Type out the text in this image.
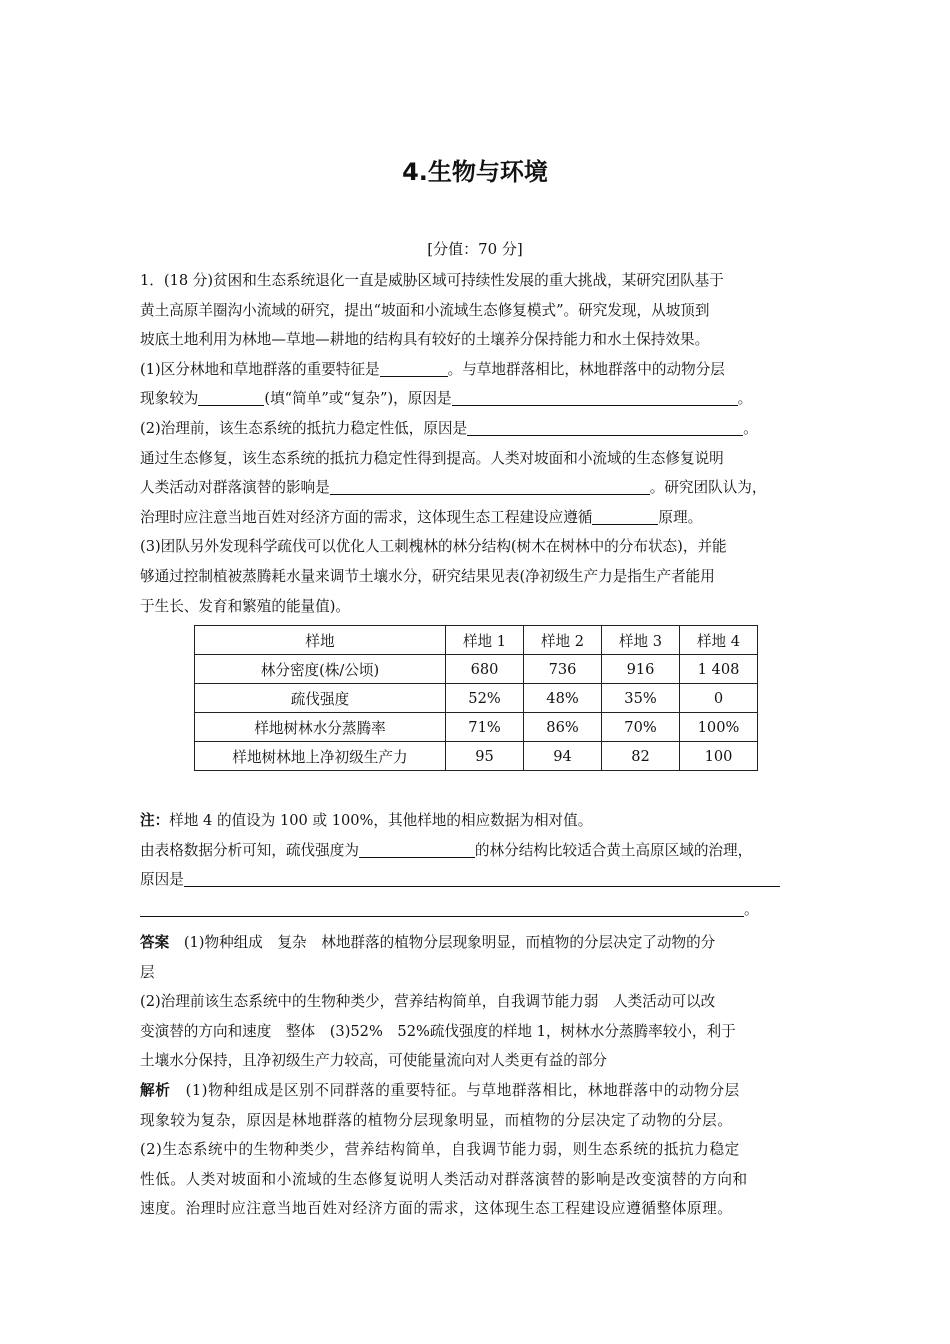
4.生物与环境
[分值：70 分]

1．(18 分)贫困和生态系统退化一直是威胁区域可持续性发展的重大挑战，某研究团队基于

黄土高原羊圈沟小流域的研究，提出“坡面和小流域生态修复模式”。研究发现，从坡顶到

坡底土地利用为林地—草地—耕地的结构具有较好的土壤养分保持能力和水土保持效果。

(1)区分林地和草地群落的重要特征是	。与草地群落相比，林地群落中的动物分层

现象较为	(填“简单”或“复杂”)，原因是	。

(2)治理前，该生态系统的抵抗力稳定性低，原因是	。

通过生态修复，该生态系统的抵抗力稳定性得到提高。人类对坡面和小流域的生态修复说明

人类活动对群落演替的影响是	。研究团队认为，

治理时应注意当地百姓对经济方面的需求，这体现生态工程建设应遵循	原理。

(3)团队另外发现科学疏伐可以优化人工刺槐林的林分结构(树木在树林中的分布状态)，并能

够通过控制植被蒸腾耗水量来调节土壤水分，研究结果见表(净初级生产力是指生产者能用

于生长、发育和繁殖的能量值)。

样地	样地 1	样地 2	样地 3	样地 4
林分密度(株/公顷)	680	736	916	1 408
疏伐强度	52%	48%	35%	0
样地树林水分蒸腾率	71%	86%	70%	100%
样地树林地上净初级生产力	95	94	82	100

注：样地 4 的值设为 100 或 100%，其他样地的相应数据为相对值。

由表格数据分析可知，疏伐强度为	的林分结构比较适合黄土高原区域的治理，

原因是

。

答案　 (1)物种组成　复杂　林地群落的植物分层现象明显，而植物的分层决定了动物的分

层

(2)治理前该生态系统中的生物种类少，营养结构简单，自我调节能力弱　人类活动可以改

变演替的方向和速度　整体　(3)52%　52%疏伐强度的样地 1，树林水分蒸腾率较小，利于

土壤水分保持，且净初级生产力较高，可使能量流向对人类更有益的部分

解析　 (1)物种组成是区别不同群落的重要特征。与草地群落相比，林地群落中的动物分层

现象较为复杂，原因是林地群落的植物分层现象明显，而植物的分层决定了动物的分层。

(2)生态系统中的生物种类少，营养结构简单，自我调节能力弱，则生态系统的抵抗力稳定

性低。人类对坡面和小流域的生态修复说明人类活动对群落演替的影响是改变演替的方向和

速度。治理时应注意当地百姓对经济方面的需求，这体现生态工程建设应遵循整体原理。
